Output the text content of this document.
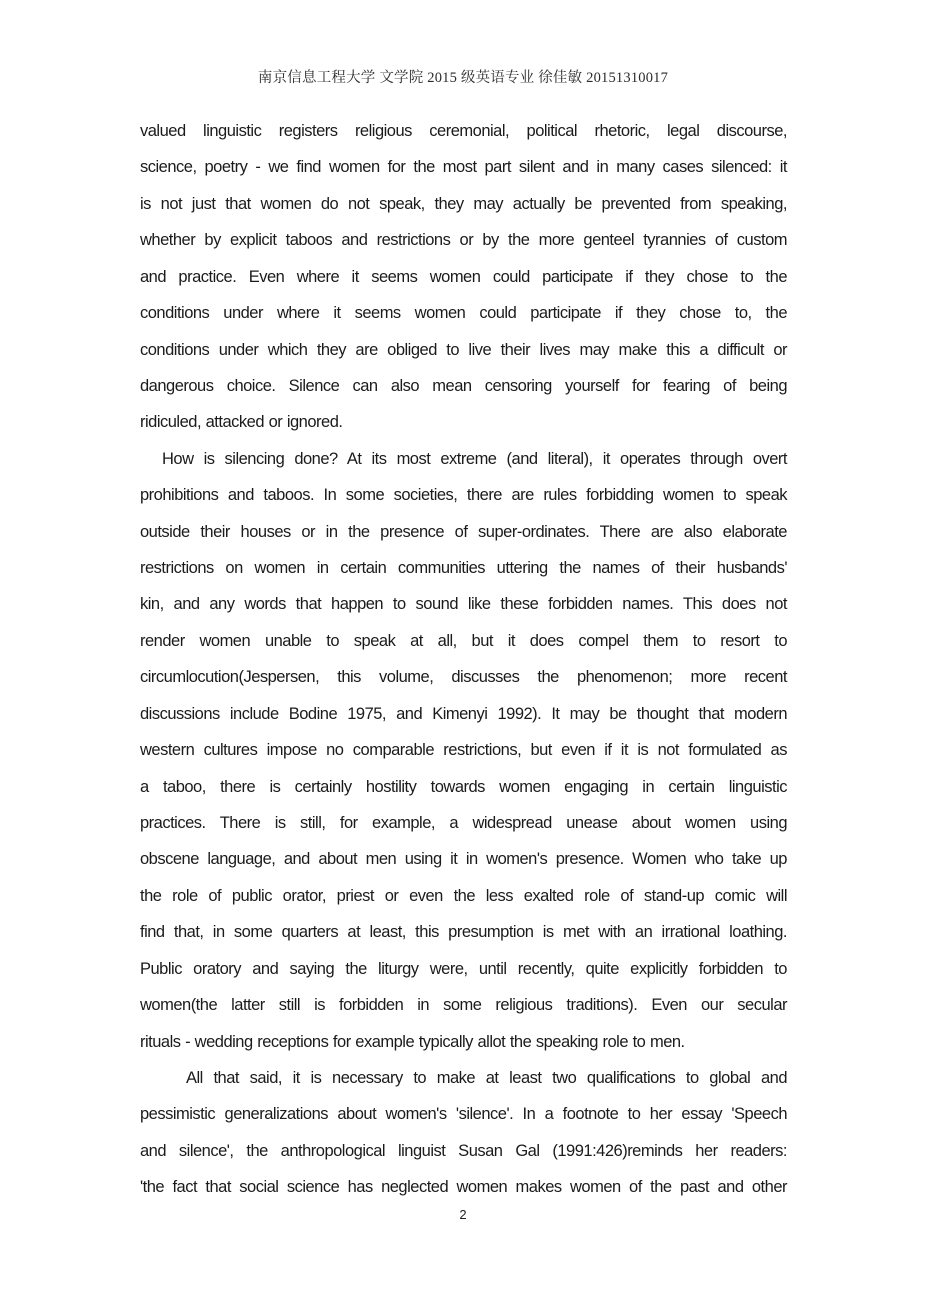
南京信息工程大学 文学院 2015 级英语专业 徐佳敏 20151310017
valued linguistic registers religious ceremonial, political rhetoric, legal discourse,
science, poetry - we find women for the most part silent and in many cases silenced: it
is not just that women do not speak, they may actually be prevented from speaking,
whether by explicit taboos and restrictions or by the more genteel tyrannies of custom
and practice. Even where it seems women could participate if they chose to the
conditions under where it seems women could participate if they chose to, the
conditions under which they are obliged to live their lives may make this a difficult or
dangerous choice. Silence can also mean censoring yourself for fearing of being
ridiculed, attacked or ignored.
How is silencing done? At its most extreme (and literal), it operates through overt
prohibitions and taboos. In some societies, there are rules forbidding women to speak
outside their houses or in the presence of super-ordinates. There are also elaborate
restrictions on women in certain communities uttering the names of their husbands'
kin, and any words that happen to sound like these forbidden names. This does not
render women unable to speak at all, but it does compel them to resort to
circumlocution(Jespersen, this volume, discusses the phenomenon; more recent
discussions include Bodine 1975, and Kimenyi 1992). It may be thought that modern
western cultures impose no comparable restrictions, but even if it is not formulated as
a taboo, there is certainly hostility towards women engaging in certain linguistic
practices. There is still, for example, a widespread unease about women using
obscene language, and about men using it in women's presence. Women who take up
the role of public orator, priest or even the less exalted role of stand-up comic will
find that, in some quarters at least, this presumption is met with an irrational loathing.
Public oratory and saying the liturgy were, until recently, quite explicitly forbidden to
women(the latter still is forbidden in some religious traditions). Even our secular
rituals - wedding receptions for example typically allot the speaking role to men.
All that said, it is necessary to make at least two qualifications to global and
pessimistic generalizations about women's 'silence'. In a footnote to her essay 'Speech
and silence', the anthropological linguist Susan Gal (1991:426)reminds her readers:
'the fact that social science has neglected women makes women of the past and other
2
